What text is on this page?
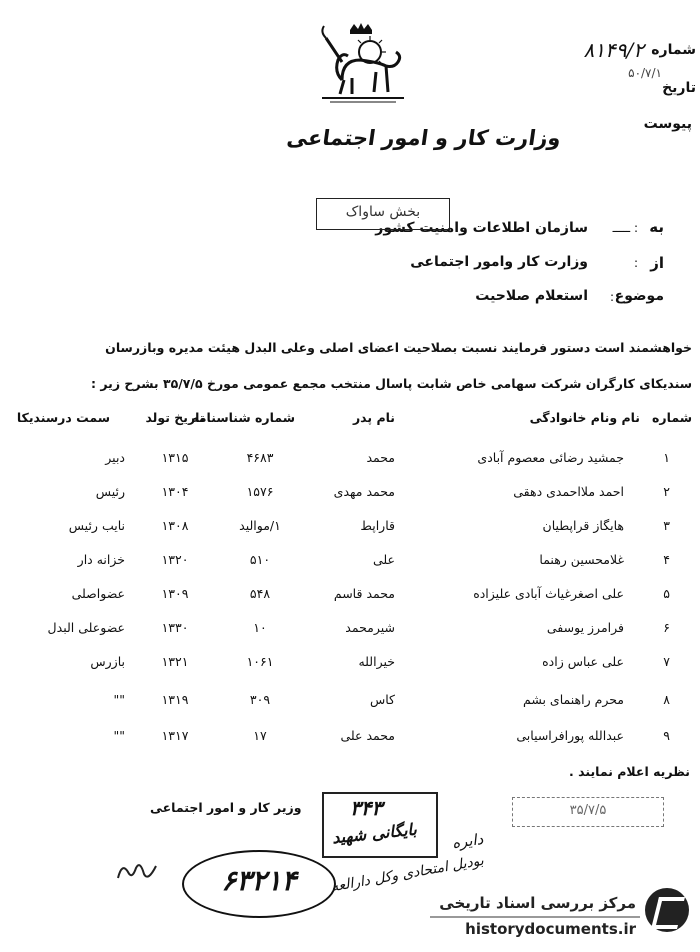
شماره
۸۱۴۹/۲
تاریخ
۵۰/۷/۱
پیوست
وزارت کار و امور اجتماعی
به
ـــــ :
سازمان اطلاعات وامنیت کشور
بخش ساواک
از
:
وزارت کار وامور اجتماعی
موضوع
:
استعلام صلاحیت
خواهشمند است دستور فرمایند نسبت بصلاحیت اعضای اصلی وعلی البدل هیئت مدیره وبازرسان
سندیکای کارگران شرکت سهامی خاص شابت پاسال منتخب مجمع عمومی مورخ ۳۵/۷/۵ بشرح زیر :
شماره
نام ونام خانوادگی
نام پدر
شماره شناسنامه
تاریخ تولد
سمت درسندیکا
۱
جمشید رضائی معصوم آبادی
محمد
۴۶۸۳
۱۳۱۵
دبیر
۲
احمد ملااحمدی دهقی
محمد مهدی
۱۵۷۶
۱۳۰۴
رئیس
۳
هایگاز قراپطیان
قاراپط
۱/موالید
۱۳۰۸
نایب رئیس
۴
غلامحسین رهنما
علی
۵۱۰
۱۳۲۰
خزانه دار
۵
علی اصغرغیاث آبادی علیزاده
محمد قاسم
۵۴۸
۱۳۰۹
عضواصلی
۶
فرامرز یوسفی
شیرمحمد
۱۰
۱۳۳۰
عضوعلی البدل
۷
علی عباس زاده
خیرالله
۱۰۶۱
۱۳۲۱
بازرس
۸
محرم راهنمای بشم
کاس
۳۰۹
۱۳۱۹
""
۹
عبدالله پورافراسیابی
محمد علی
۱۷
۱۳۱۷
""
نظریه اعلام نمایند .
وزیر کار و امور اجتماعی ۳۴۳
بایگانی شهید
۳۵/۷/۵
دایره
بودیل امتحادی وکل دارالعه
۶۳۲۱۴
مرکز بررسی اسناد تاریخی
historydocuments.ir
